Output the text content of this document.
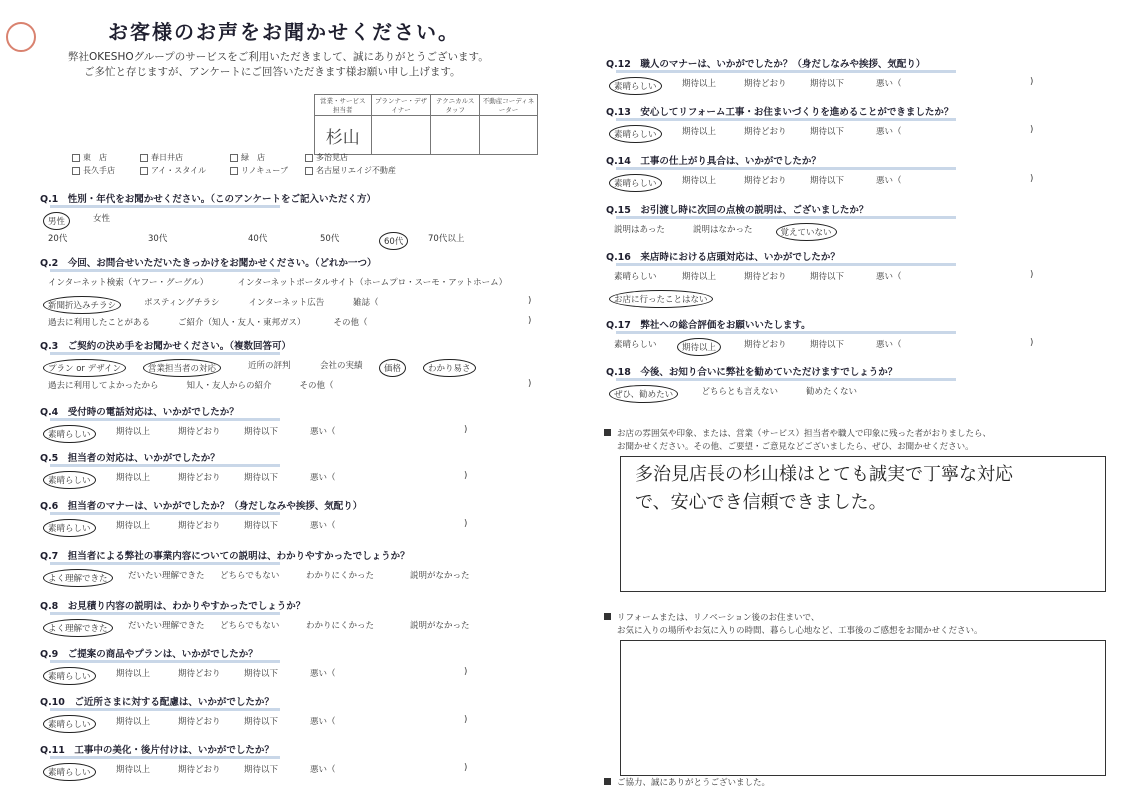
お客様のお声をお聞かせください。
弊社OKESHOグループのサービスをご利用いただきまして、誠にありがとうございます。
ご多忙と存じますが、アンケートにご回答いただきます様お願い申し上げます。
営業・サービス担当者	プランナー・デザイナー	テクニカルスタッフ	不動産コーディネーター
杉山			
東　店	春日井店	緑　店	多治見店
長久手店	アイ・スタイル	リノキューブ	名古屋リエイジ不動産
Q.1　性別・年代をお聞かせください。（このアンケートをご記入いただく方）
男性	女性
20代	30代	40代	50代	60代	70代以上
Q.2　今回、お問合せいただいたきっかけをお聞かせください。（どれか一つ）
インターネット検索（ヤフー・グーグル）	インターネットポータルサイト（ホームプロ・スーモ・アットホーム）
新聞折込みチラシ	ポスティングチラシ	インターネット広告	雑誌（	)
過去に利用したことがある	ご紹介（知人・友人・東邦ガス）	その他（	)
Q.3　ご契約の決め手をお聞かせください。（複数回答可）
プラン or デザイン	営業担当者の対応	近所の評判	会社の実績	価格	わかり易さ
過去に利用してよかったから	知人・友人からの紹介	その他（	)
Q.4　受付時の電話対応は、いかがでしたか？
素晴らしい	期待以上	期待どおり	期待以下	悪い（	)
Q.5　担当者の対応は、いかがでしたか？
素晴らしい	期待以上	期待どおり	期待以下	悪い（	)
Q.6　担当者のマナーは、いかがでしたか？（身だしなみや挨拶、気配り）
素晴らしい	期待以上	期待どおり	期待以下	悪い（	)
Q.7　担当者による弊社の事業内容についての説明は、わかりやすかったでしょうか？
よく理解できた	だいたい理解できた どちらでもない	わかりにくかった	説明がなかった
Q.8　お見積り内容の説明は、わかりやすかったでしょうか？
よく理解できた	だいたい理解できた どちらでもない	わかりにくかった	説明がなかった
Q.9　ご提案の商品やプランは、いかがでしたか？
素晴らしい	期待以上	期待どおり	期待以下	悪い（	)
Q.10　ご近所さまに対する配慮は、いかがでしたか？
素晴らしい	期待以上	期待どおり	期待以下	悪い（	)
Q.11　工事中の美化・後片付けは、いかがでしたか？
素晴らしい	期待以上	期待どおり	期待以下	悪い（	)
Q.12　職人のマナーは、いかがでしたか？（身だしなみや挨拶、気配り）
素晴らしい	期待以上	期待どおり	期待以下	悪い（	)
Q.13　安心してリフォーム工事・お住まいづくりを進めることができましたか？
素晴らしい	期待以上	期待どおり	期待以下	悪い（	)
Q.14　工事の仕上がり具合は、いかがでしたか？
素晴らしい	期待以上	期待どおり	期待以下	悪い（	)
Q.15　お引渡し時に次回の点検の説明は、ございましたか？
説明はあった	説明はなかった	覚えていない
Q.16　来店時における店頭対応は、いかがでしたか？
素晴らしい	期待以上	期待どおり	期待以下	悪い（	)
お店に行ったことはない
Q.17　弊社への総合評価をお願いいたします。
素晴らしい	期待以上	期待どおり	期待以下	悪い（	)
Q.18　今後、お知り合いに弊社を勧めていただけますでしょうか？
ぜひ、勧めたい	どちらとも言えない	勧めたくない
お店の雰囲気や印象、または、営業（サービス）担当者や職人で印象に残った者がおりましたら、
お聞かせください。その他、ご要望・ご意見などございましたら、ぜひ、お聞かせください。
多治見店長の杉山様はとても誠実で丁寧な対応
で、安心でき信頼できました。
リフォームまたは、リノベーション後のお住まいで、
お気に入りの場所やお気に入りの時間、暮らし心地など、工事後のご感想をお聞かせください。
ご協力、誠にありがとうございました。
